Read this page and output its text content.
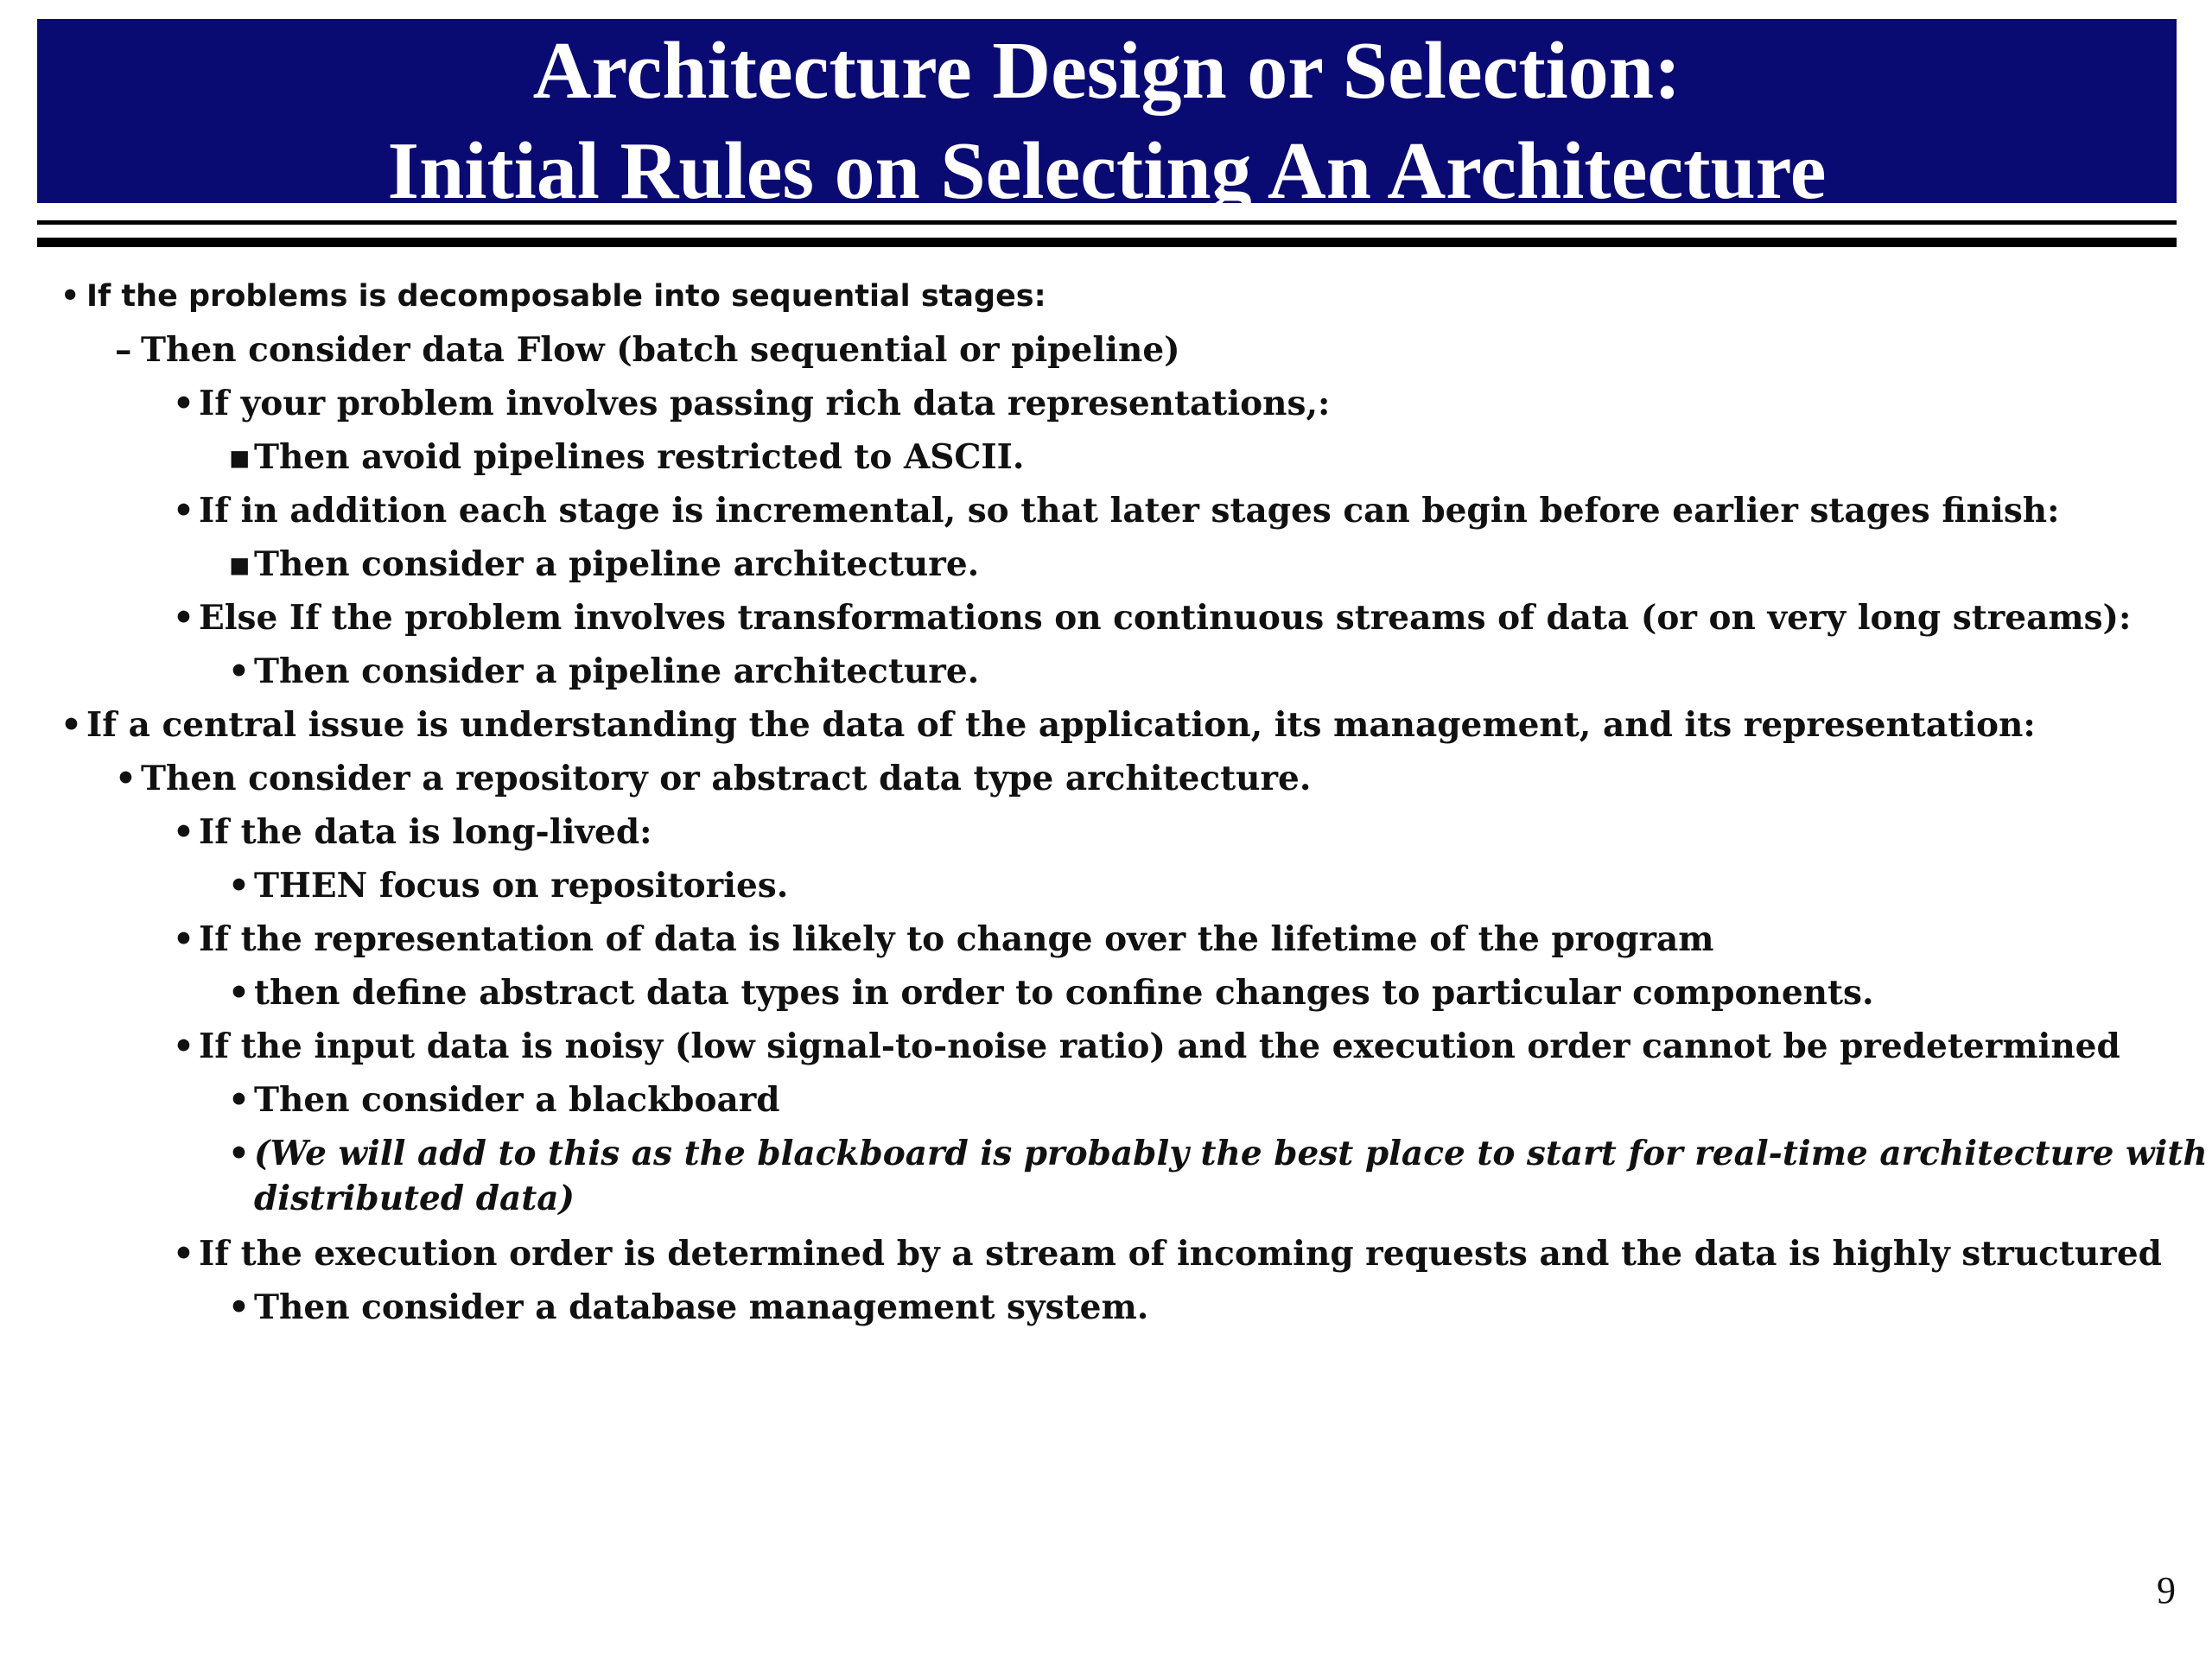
Architecture Design or Selection:
Initial Rules on Selecting An Architecture
• If the problems is decomposable into sequential stages:
– Then consider data Flow (batch sequential or pipeline)
• If your problem involves passing rich data representations,:
▪Then avoid pipelines restricted to ASCII.
• If in addition each stage is incremental, so that later stages can begin before earlier stages finish:
▪Then consider a pipeline architecture.
• Else If the problem involves transformations on continuous streams of data (or on very long streams):
• Then consider a pipeline architecture.
• If a central issue is understanding the data of the application, its management, and its representation:
• Then consider a repository or abstract data type architecture.
• If the data is long-lived:
• THEN focus on repositories.
• If the representation of data is likely to change over the lifetime of the program
• then define abstract data types in order to confine changes to particular components.
• If the input data is noisy (low signal-to-noise ratio) and the execution order cannot be predetermined
• Then consider a blackboard
• (We will add to this as the blackboard is probably the best place to start for real-time architecture with
distributed data)
• If the execution order is determined by a stream of incoming requests and the data is highly structured
• Then consider a database management system.
9
